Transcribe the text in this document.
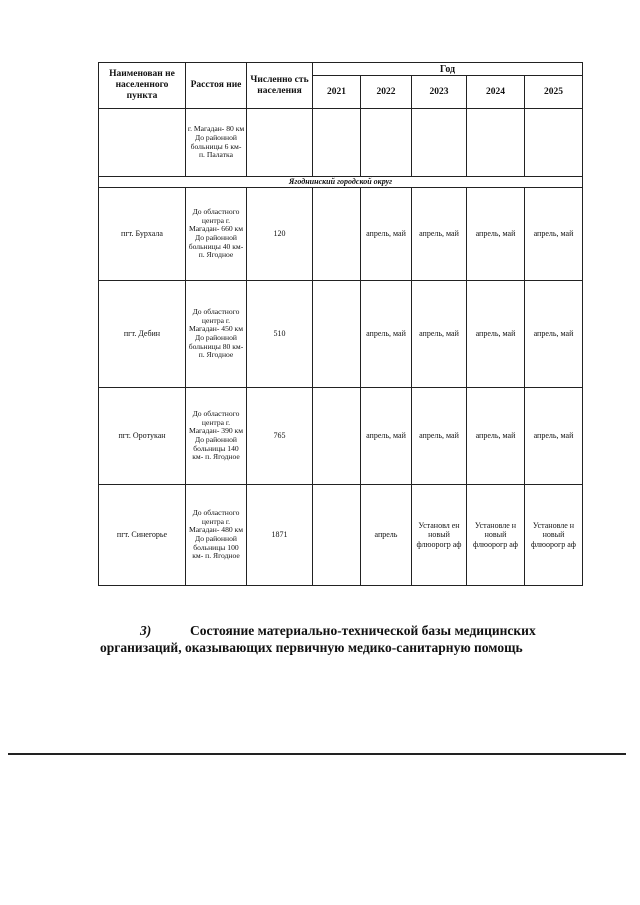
Наименован не населенного пункта	Расстоя ние	Численно сть населения	Год				
			2021	2022	2023	2024	2025
	г. Магадан- 80 км До районной больницы 6 км- п. Палатка						
Ягоднинский городской округ							
пгт. Бурхала	До областного центра г. Магадан- 660 км До районной больницы 40 км- п. Ягодное	120		апрель, май	апрель, май	апрель, май	апрель, май
пгт. Дебин	До областного центра г. Магадан- 450 км До районной больницы 80 км- п. Ягодное	510		апрель, май	апрель, май	апрель, май	апрель, май
пгт. Оротукан	До областного центра г. Магадан- 390 км До районной больницы 140 км- п. Ягодное	765		апрель, май	апрель, май	апрель, май	апрель, май
пгт. Синегорье	До областного центра г. Магадан- 480 км До районной больницы 100 км- п. Ягодное	1871		апрель	Установл ен новый флюорогр аф	Установле н новый флюорогр аф	Установле н новый флюорогр аф
3)	Состояние материально-технической базы медицинских
организаций, оказывающих первичную медико-санитарную помощь
